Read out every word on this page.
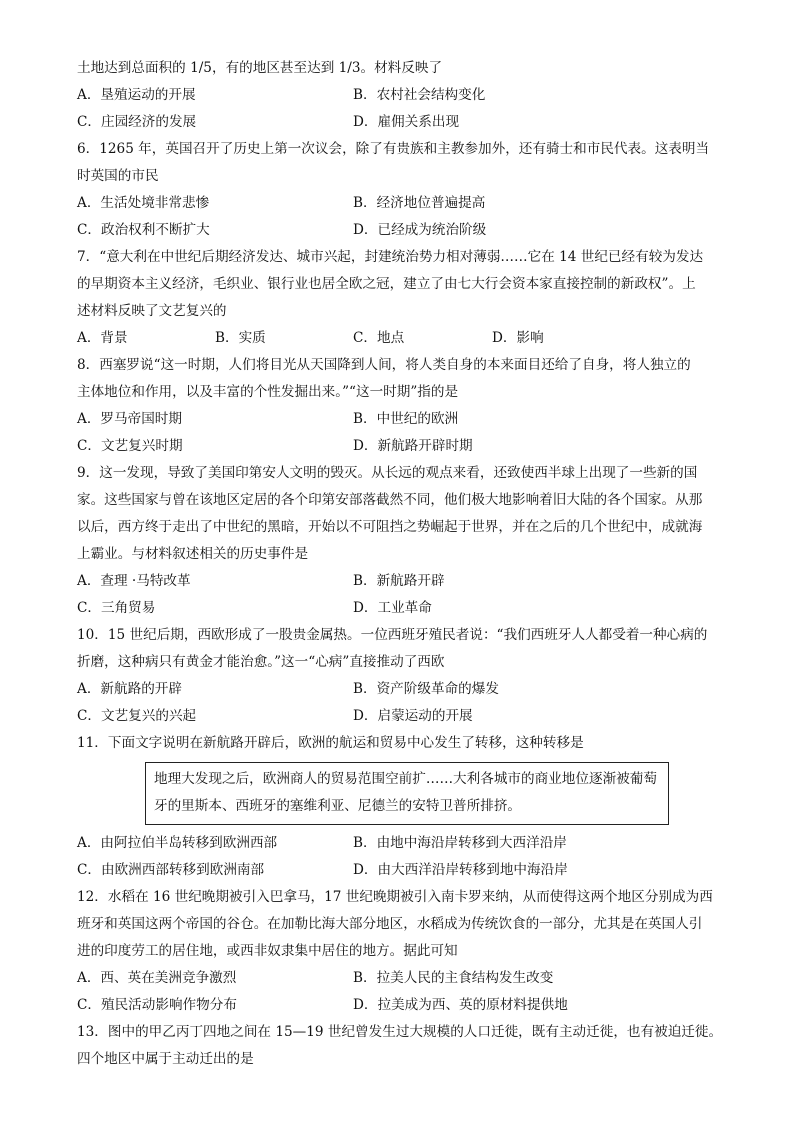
土地达到总面积的 1/5，有的地区甚至达到 1/3。材料反映了
A．垦殖运动的开展	B．农村社会结构变化
C．庄园经济的发展	D．雇佣关系出现
6．1265 年，英国召开了历史上第一次议会，除了有贵族和主教参加外，还有骑士和市民代表。这表明当
时英国的市民
A．生活处境非常悲惨	B．经济地位普遍提高
C．政治权利不断扩大	D．已经成为统治阶级
7．“意大利在中世纪后期经济发达、城市兴起，封建统治势力相对薄弱……它在 14 世纪已经有较为发达
的早期资本主义经济，毛织业、银行业也居全欧之冠，建立了由七大行会资本家直接控制的新政权”。上
述材料反映了文艺复兴的
A．背景	B．实质	C．地点	D．影响
8．西塞罗说“这一时期，人们将目光从天国降到人间，将人类自身的本来面目还给了自身，将人独立的
主体地位和作用，以及丰富的个性发掘出来。”“这一时期”指的是
A．罗马帝国时期	B．中世纪的欧洲
C．文艺复兴时期	D．新航路开辟时期
9．这一发现，导致了美国印第安人文明的毁灭。从长远的观点来看，还致使西半球上出现了一些新的国
家。这些国家与曾在该地区定居的各个印第安部落截然不同，他们极大地影响着旧大陆的各个国家。从那
以后，西方终于走出了中世纪的黑暗，开始以不可阻挡之势崛起于世界，并在之后的几个世纪中，成就海
上霸业。与材料叙述相关的历史事件是
A．查理 ·马特改革	B．新航路开辟
C．三角贸易	D．工业革命
10．15 世纪后期，西欧形成了一股贵金属热。一位西班牙殖民者说：“我们西班牙人人都受着一种心病的
折磨，这种病只有黄金才能治愈。”这一“心病”直接推动了西欧
A．新航路的开辟	B．资产阶级革命的爆发
C．文艺复兴的兴起	D．启蒙运动的开展
11．下面文字说明在新航路开辟后，欧洲的航运和贸易中心发生了转移，这种转移是
地理大发现之后，欧洲商人的贸易范围空前扩……大利各城市的商业地位逐渐被葡萄牙的里斯本、西班牙的塞维利亚、尼德兰的安特卫普所排挤。
A．由阿拉伯半岛转移到欧洲西部	B．由地中海沿岸转移到大西洋沿岸
C．由欧洲西部转移到欧洲南部	D．由大西洋沿岸转移到地中海沿岸
12．水稻在 16 世纪晚期被引入巴拿马，17 世纪晚期被引入南卡罗来纳，从而使得这两个地区分别成为西
班牙和英国这两个帝国的谷仓。在加勒比海大部分地区，水稻成为传统饮食的一部分，尤其是在英国人引
进的印度劳工的居住地，或西非奴隶集中居住的地方。据此可知
A．西、英在美洲竞争激烈	B．拉美人民的主食结构发生改变
C．殖民活动影响作物分布	D．拉美成为西、英的原材料提供地
13．图中的甲乙丙丁四地之间在 15—19 世纪曾发生过大规模的人口迁徙，既有主动迁徙，也有被迫迁徙。
四个地区中属于主动迁出的是
